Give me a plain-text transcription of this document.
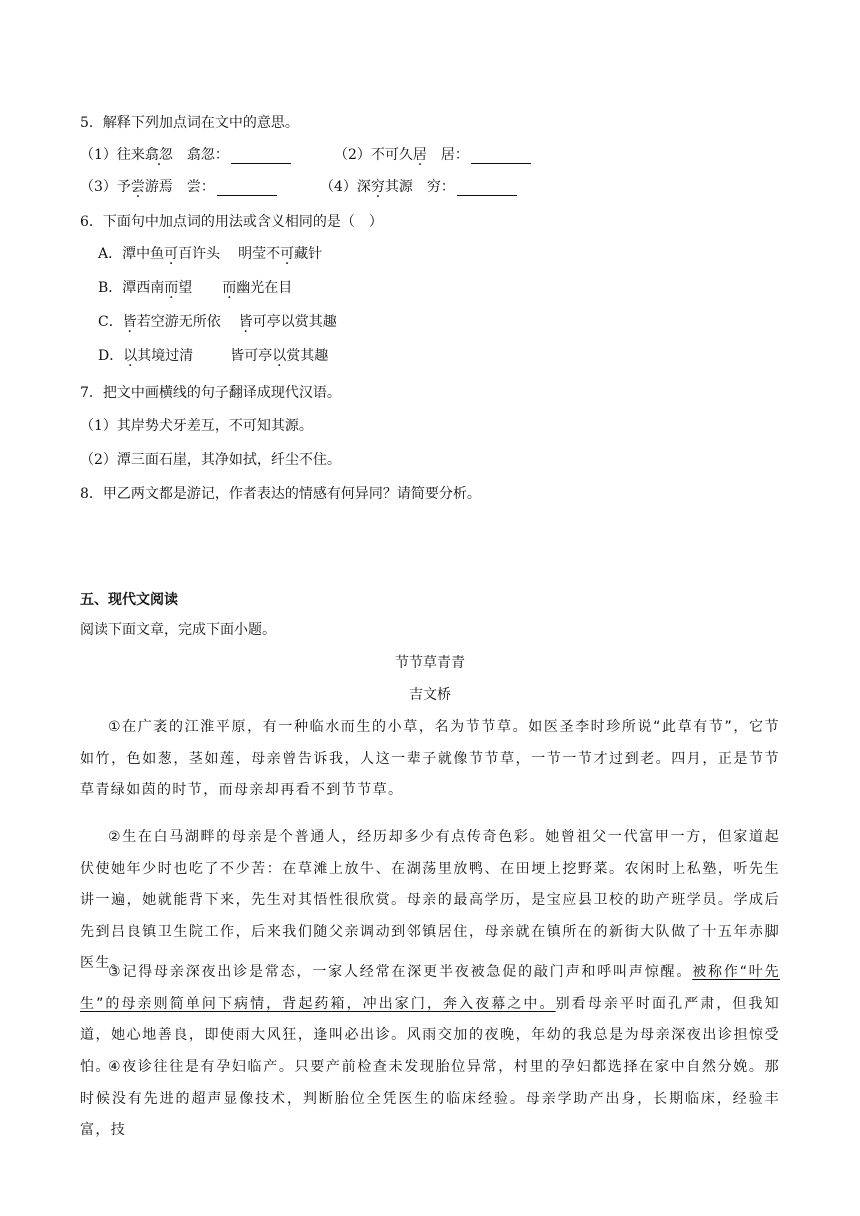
5．解释下列加点词在文中的意思。
（1）往来翕忽 翕忽：	（2）不可久居 居：
（3）予尝游焉 尝：	（4）深穷其源 穷：
6．下面句中加点词的用法或含义相同的是（　）
A．潭中鱼可百许头 明莹不可藏针
B．潭西南而望 而幽光在目
C．皆若空游无所依 皆可亭以赏其趣
D．以其境过清	皆可亭以赏其趣
7．把文中画横线的句子翻译成现代汉语。
（1）其岸势犬牙差互，不可知其源。
（2）潭三面石崖，其净如拭，纤尘不住。
8．甲乙两文都是游记，作者表达的情感有何异同？请简要分析。
五、现代文阅读
阅读下面文章，完成下面小题。
节节草青青
吉文桥

①在广袤的江淮平原，有一种临水而生的小草，名为节节草。如医圣李时珍所说“此草有节”，它节如竹，色如葱，茎如莲，母亲曾告诉我，人这一辈子就像节节草，一节一节才过到老。四月，正是节节草青绿如茵的时节，而母亲却再看不到节节草。

②生在白马湖畔的母亲是个普通人，经历却多少有点传奇色彩。她曾祖父一代富甲一方，但家道起伏使她年少时也吃了不少苦：在草滩上放牛、在湖荡里放鸭、在田埂上挖野菜。农闲时上私塾，听先生讲一遍，她就能背下来，先生对其悟性很欣赏。母亲的最高学历，是宝应县卫校的助产班学员。学成后先到吕良镇卫生院工作，后来我们随父亲调动到邻镇居住，母亲就在镇所在的新街大队做了十五年赤脚医生。

③记得母亲深夜出诊是常态，一家人经常在深更半夜被急促的敲门声和呼叫声惊醒。被称作“叶先生”的母亲则简单问下病情，背起药箱，冲出家门，奔入夜幕之中。别看母亲平时面孔严肃，但我知道，她心地善良，即使雨大风狂，逢叫必出诊。风雨交加的夜晚，年幼的我总是为母亲深夜出诊担惊受怕。

④夜诊往往是有孕妇临产。只要产前检查未发现胎位异常，村里的孕妇都选择在家中自然分娩。那时候没有先进的超声显像技术，判断胎位全凭医生的临床经验。母亲学助产出身，长期临床，经验丰富，技
